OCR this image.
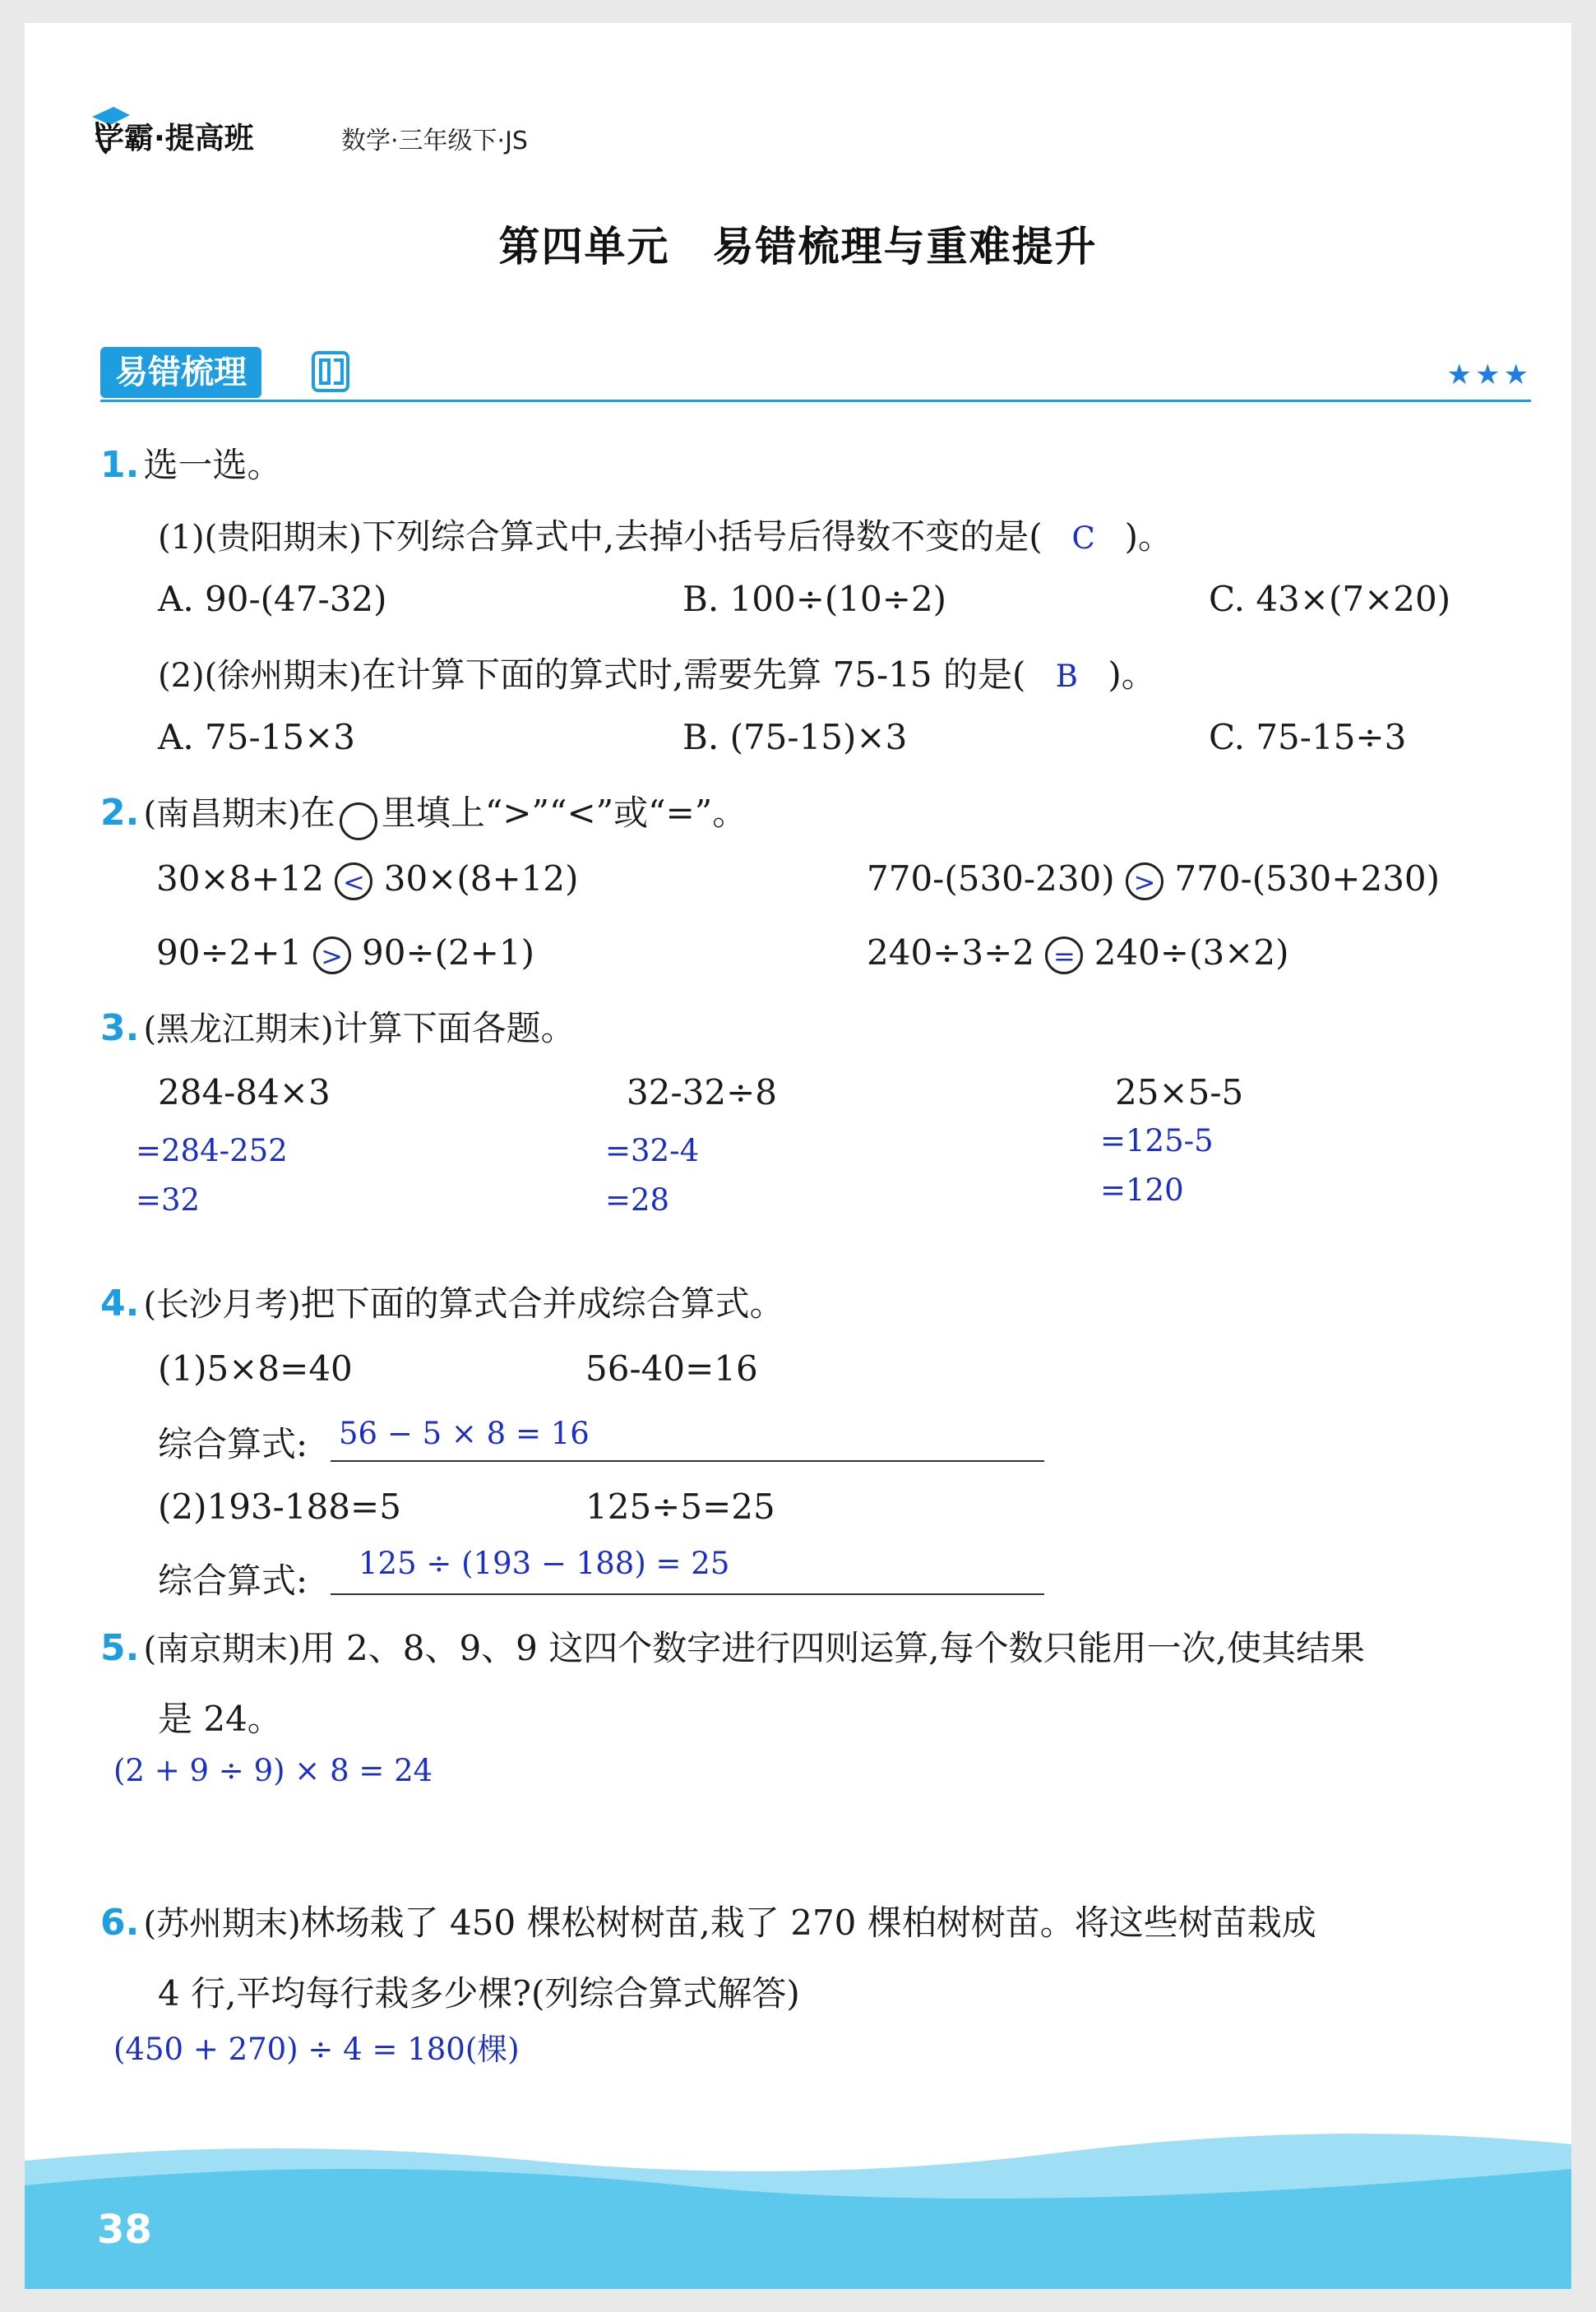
学霸·提高班	数学·三年级下·JS
第四单元　易错梳理与重难提升
易错梳理	★★★
1. 选一选。
(1)(贵阳期末)下列综合算式中,去掉小括号后得数不变的是( C )。
A. 90-(47-32)	B. 100÷(10÷2)	C. 43×(7×20)
(2)(徐州期末)在计算下面的算式时,需要先算 75-15 的是( B )。
A. 75-15×3	B. (75-15)×3	C. 75-15÷3
2. (南昌期末)在 里填上“>”“<”或“=”。
30×8+12 < 30×(8+12)	770-(530-230) > 770-(530+230)
90÷2+1 > 90÷(2+1)	240÷3÷2 = 240÷(3×2)
3. (黑龙江期末)计算下面各题。
284-84×3
=284-252
=32
32-32÷8
=32-4
=28
25×5-5
=125-5
=120
4. (长沙月考)把下面的算式合并成综合算式。
(1)5×8=40	56-40=16
综合算式: 56 − 5 × 8 = 16
(2)193-188=5	125÷5=25
综合算式: 125 ÷ (193 − 188) = 25
5. (南京期末)用 2、8、9、9 这四个数字进行四则运算,每个数只能用一次,使其结果
是 24。
(2 + 9 ÷ 9) × 8 = 24
6. (苏州期末)林场栽了 450 棵松树树苗,栽了 270 棵柏树树苗。将这些树苗栽成
4 行,平均每行栽多少棵?(列综合算式解答)
(450 + 270) ÷ 4 = 180(棵)
38
